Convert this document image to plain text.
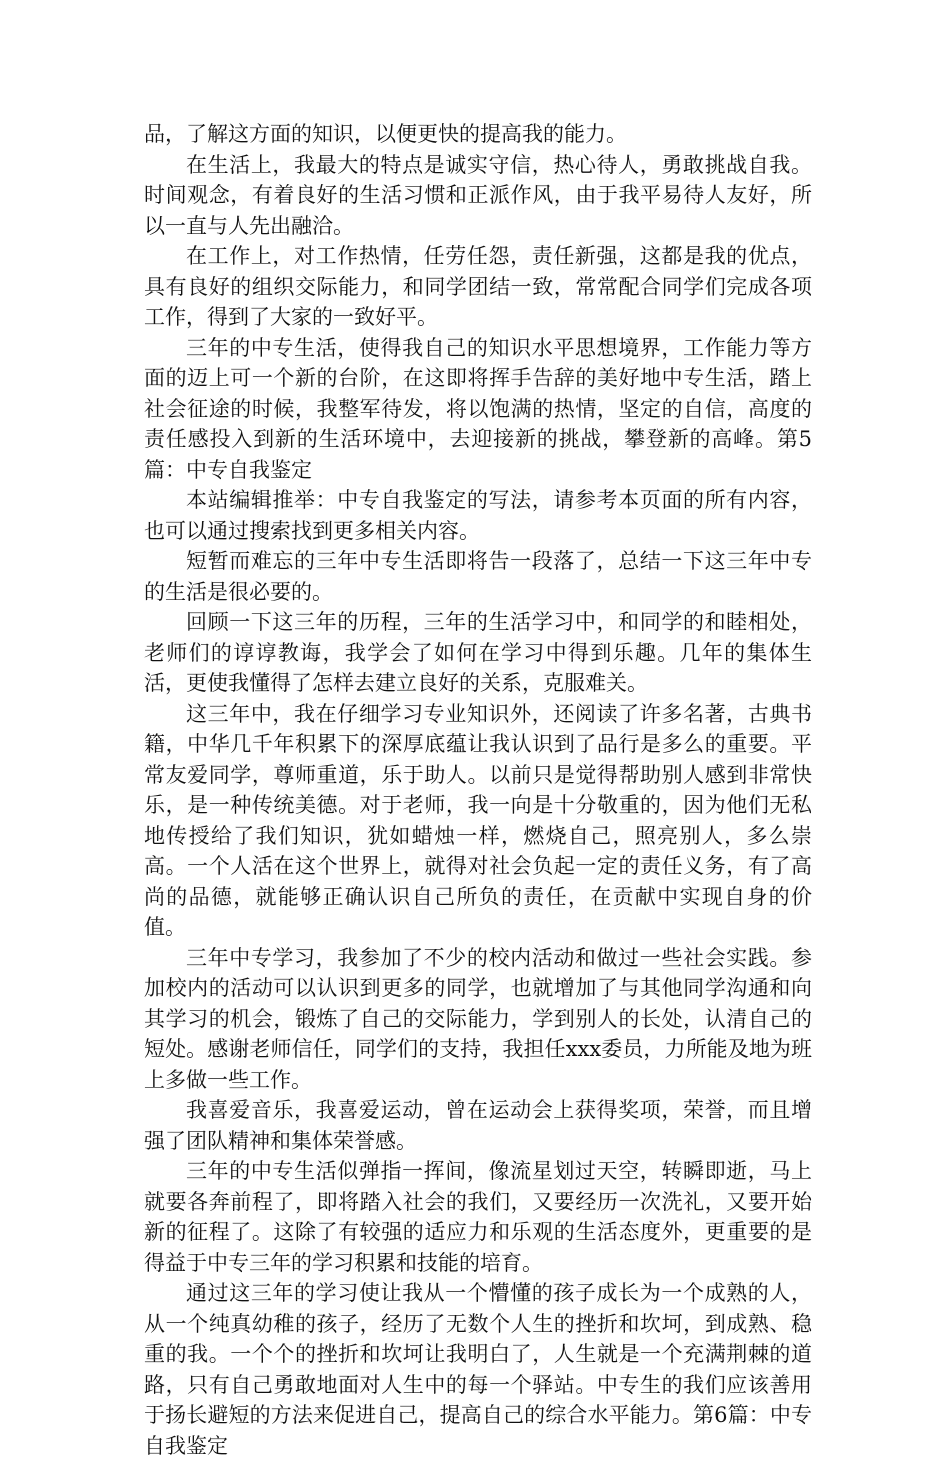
品，了解这方面的知识，以便更快的提高我的能力。

在生活上，我最大的特点是诚实守信，热心待人，勇敢挑战自我。时间观念，有着良好的生活习惯和正派作风，由于我平易待人友好，所以一直与人先出融洽。

在工作上，对工作热情，任劳任怨，责任新强，这都是我的优点，具有良好的组织交际能力，和同学团结一致，常常配合同学们完成各项工作，得到了大家的一致好平。

三年的中专生活，使得我自己的知识水平思想境界，工作能力等方面的迈上可一个新的台阶，在这即将挥手告辞的美好地中专生活，踏上社会征途的时候，我整军待发，将以饱满的热情，坚定的自信，高度的责任感投入到新的生活环境中，去迎接新的挑战，攀登新的高峰。第5篇：中专自我鉴定

本站编辑推举：中专自我鉴定的写法，请参考本页面的所有内容，也可以通过搜索找到更多相关内容。

短暂而难忘的三年中专生活即将告一段落了，总结一下这三年中专的生活是很必要的。

回顾一下这三年的历程，三年的生活学习中，和同学的和睦相处，老师们的谆谆教诲，我学会了如何在学习中得到乐趣。几年的集体生活，更使我懂得了怎样去建立良好的关系，克服难关。

这三年中，我在仔细学习专业知识外，还阅读了许多名著，古典书籍，中华几千年积累下的深厚底蕴让我认识到了品行是多么的重要。平常友爱同学，尊师重道，乐于助人。以前只是觉得帮助别人感到非常快乐，是一种传统美德。对于老师，我一向是十分敬重的，因为他们无私地传授给了我们知识，犹如蜡烛一样，燃烧自己，照亮别人，多么崇高。一个人活在这个世界上，就得对社会负起一定的责任义务，有了高尚的品德，就能够正确认识自己所负的责任，在贡献中实现自身的价值。

三年中专学习，我参加了不少的校内活动和做过一些社会实践。参加校内的活动可以认识到更多的同学，也就增加了与其他同学沟通和向其学习的机会，锻炼了自己的交际能力，学到别人的长处，认清自己的短处。感谢老师信任，同学们的支持，我担任xxx委员，力所能及地为班上多做一些工作。

我喜爱音乐，我喜爱运动，曾在运动会上获得奖项，荣誉，而且增强了团队精神和集体荣誉感。

三年的中专生活似弹指一挥间，像流星划过天空，转瞬即逝，马上就要各奔前程了，即将踏入社会的我们，又要经历一次洗礼，又要开始新的征程了。这除了有较强的适应力和乐观的生活态度外，更重要的是得益于中专三年的学习积累和技能的培育。

通过这三年的学习使让我从一个懵懂的孩子成长为一个成熟的人，从一个纯真幼稚的孩子，经历了无数个人生的挫折和坎坷，到成熟、稳重的我。一个个的挫折和坎坷让我明白了，人生就是一个充满荆棘的道路，只有自己勇敢地面对人生中的每一个驿站。中专生的我们应该善用于扬长避短的方法来促进自己，提高自己的综合水平能力。第6篇：中专自我鉴定
